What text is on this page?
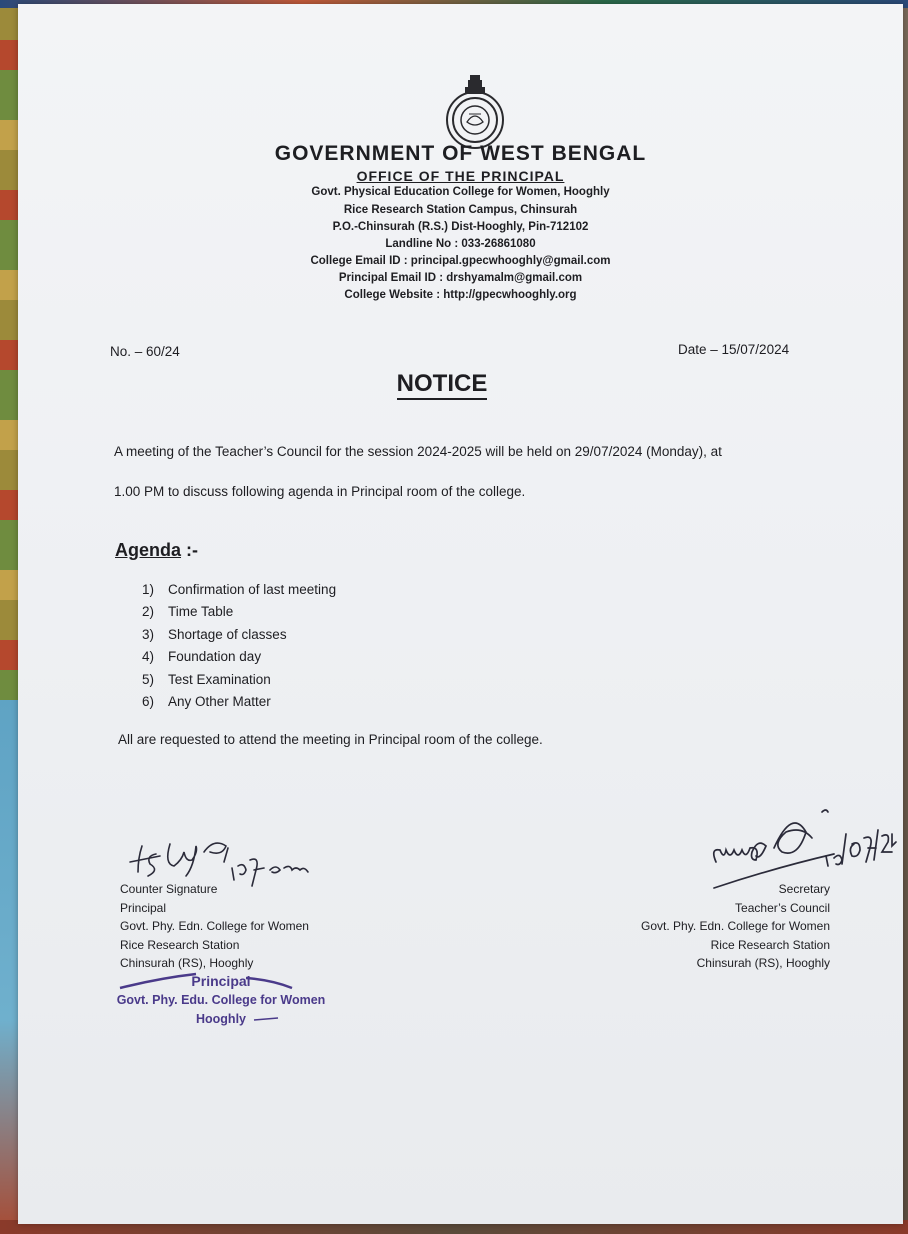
GOVERNMENT OF WEST BENGAL
OFFICE OF THE PRINCIPAL
Govt. Physical Education College for Women, Hooghly
Rice Research Station Campus, Chinsurah
P.O.-Chinsurah (R.S.) Dist-Hooghly, Pin-712102
Landline No : 033-26861080
College Email ID : principal.gpecwhooghly@gmail.com
Principal Email ID : drshyamalm@gmail.com
College Website : http://gpecwhooghly.org
No. – 60/24	Date – 15/07/2024
NOTICE
A meeting of the Teacher’s Council for the session 2024-2025 will be held on 29/07/2024 (Monday), at
1.00 PM to discuss following agenda in Principal room of the college.
Agenda :-
1) Confirmation of last meeting
2) Time Table
3) Shortage of classes
4) Foundation day
5) Test Examination
6) Any Other Matter
All are requested to attend the meeting in Principal room of the college.
Counter Signature
Principal
Govt. Phy. Edn. College for Women
Rice Research Station
Chinsurah (RS), Hooghly
Secretary
Teacher’s Council
Govt. Phy. Edn. College for Women
Rice Research Station
Chinsurah (RS), Hooghly
Principal
Govt. Phy. Edu. College for Women
Hooghly
